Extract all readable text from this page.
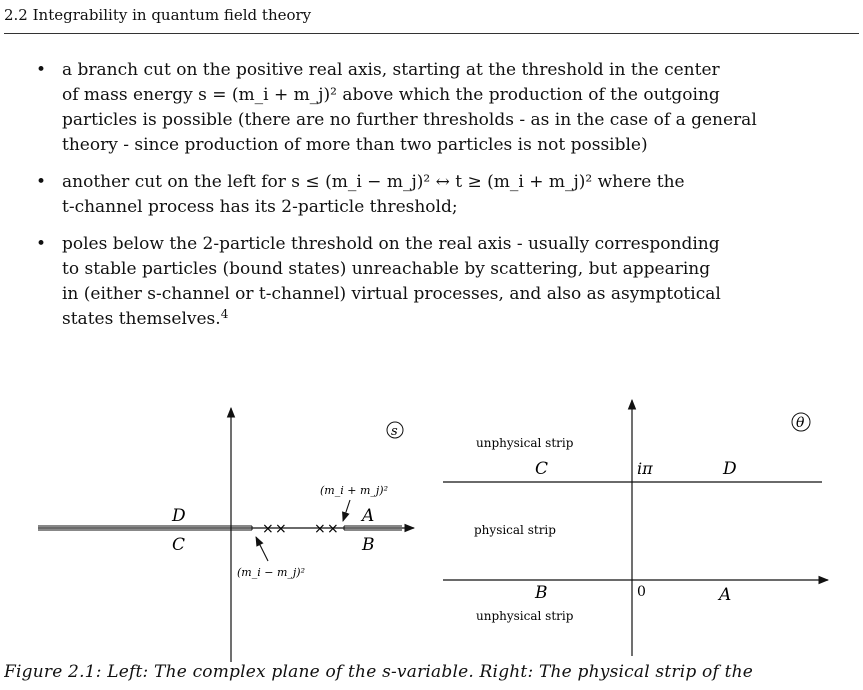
2.2 Integrability in quantum field theory
• a branch cut on the positive real axis, starting at the threshold in the center
of mass energy s = (m_i + m_j)² above which the production of the outgoing
particles is possible (there are no further thresholds - as in the case of a general
theory - since production of more than two particles is not possible)
• another cut on the left for s ≤ (m_i − m_j)² ↔ t ≥ (m_i + m_j)² where the
t-channel process has its 2-particle threshold;
• poles below the 2-particle threshold on the real axis - usually corresponding
to stable particles (bound states) unreachable by scattering, but appearing
in (either s-channel or t-channel) virtual processes, and also as asymptotical
states themselves.$^4$
× × × ×
s
D
C
A
B
(m_i + m_j)²
(m_i − m_j)²
θ
unphysical strip
physical strip
unphysical strip
C	D
iπ
B	A
0
Figure 2.1: Left: The complex plane of the s-variable. Right: The physical strip of the
